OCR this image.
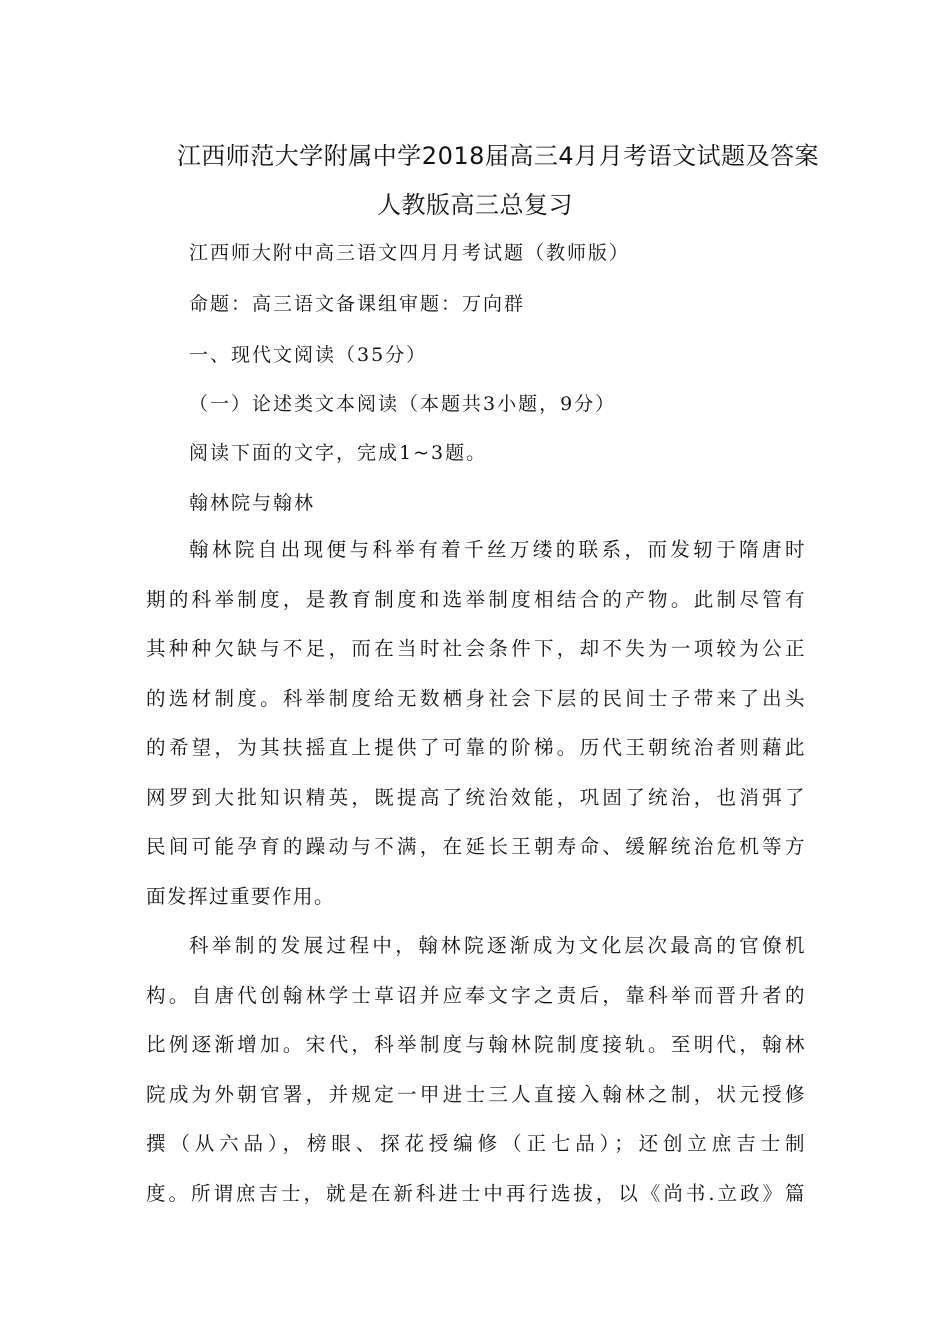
江西师范大学附属中学2018届高三4月月考语文试题及答案
人教版高三总复习

江西师大附中高三语文四月月考试题（教师版）

命题：高三语文备课组审题：万向群

一、现代文阅读（35分）

（一）论述类文本阅读（本题共3小题，9分）

阅读下面的文字，完成1~3题。

翰林院与翰林

翰林院自出现便与科举有着千丝万缕的联系，而发轫于隋唐时
期的科举制度，是教育制度和选举制度相结合的产物。此制尽管有
其种种欠缺与不足，而在当时社会条件下，却不失为一项较为公正
的选材制度。科举制度给无数栖身社会下层的民间士子带来了出头
的希望，为其扶摇直上提供了可靠的阶梯。历代王朝统治者则藉此
网罗到大批知识精英，既提高了统治效能，巩固了统治，也消弭了
民间可能孕育的躁动与不满，在延长王朝寿命、缓解统治危机等方
面发挥过重要作用。
科举制的发展过程中，翰林院逐渐成为文化层次最高的官僚机
构。自唐代创翰林学士草诏并应奉文字之责后，靠科举而晋升者的
比例逐渐增加。宋代，科举制度与翰林院制度接轨。至明代，翰林
院成为外朝官署，并规定一甲进士三人直接入翰林之制，状元授修
撰（从六品），榜眼、探花授编修（正七品）；还创立庶吉士制
度。所谓庶吉士，就是在新科进士中再行选拔，以《尚书.立政》篇
